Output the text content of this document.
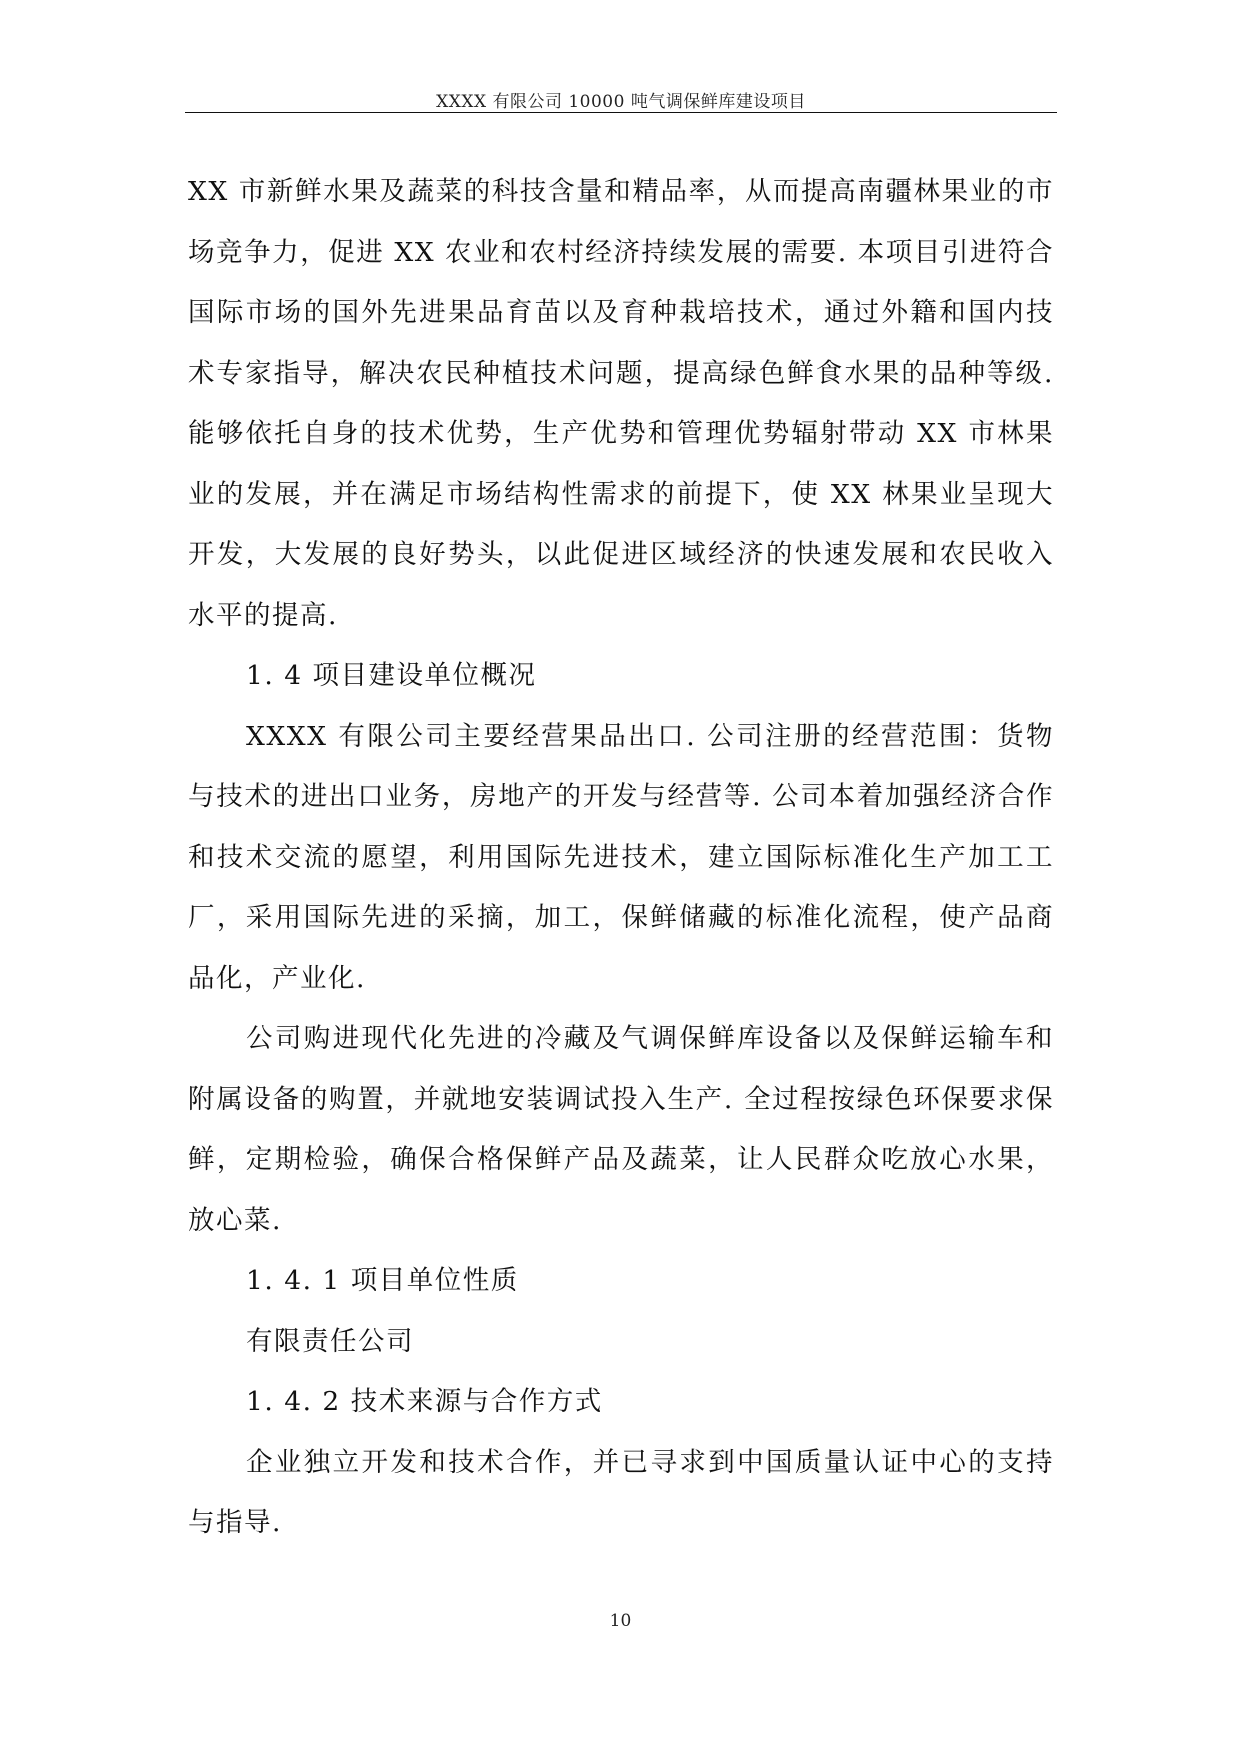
XXXX 有限公司 10000 吨气调保鲜库建设项目

XX 市新鲜水果及蔬菜的科技含量和精品率，从而提高南疆林果业的市场竞争力，促进 XX 农业和农村经济持续发展的需要. 本项目引进符合国际市场的国外先进果品育苗以及育种栽培技术，通过外籍和国内技术专家指导，解决农民种植技术问题，提高绿色鲜食水果的品种等级. 能够依托自身的技术优势，生产优势和管理优势辐射带动 XX 市林果业的发展，并在满足市场结构性需求的前提下，使 XX 林果业呈现大开发，大发展的良好势头，以此促进区域经济的快速发展和农民收入水平的提高.

1. 4 项目建设单位概况

XXXX 有限公司主要经营果品出口. 公司注册的经营范围：货物与技术的进出口业务，房地产的开发与经营等. 公司本着加强经济合作和技术交流的愿望，利用国际先进技术，建立国际标准化生产加工工厂，采用国际先进的采摘，加工，保鲜储藏的标准化流程，使产品商品化，产业化.

公司购进现代化先进的冷藏及气调保鲜库设备以及保鲜运输车和附属设备的购置，并就地安装调试投入生产. 全过程按绿色环保要求保鲜，定期检验，确保合格保鲜产品及蔬菜，让人民群众吃放心水果，放心菜.

1. 4. 1 项目单位性质

有限责任公司

1. 4. 2 技术来源与合作方式

企业独立开发和技术合作，并已寻求到中国质量认证中心的支持与指导.

10
